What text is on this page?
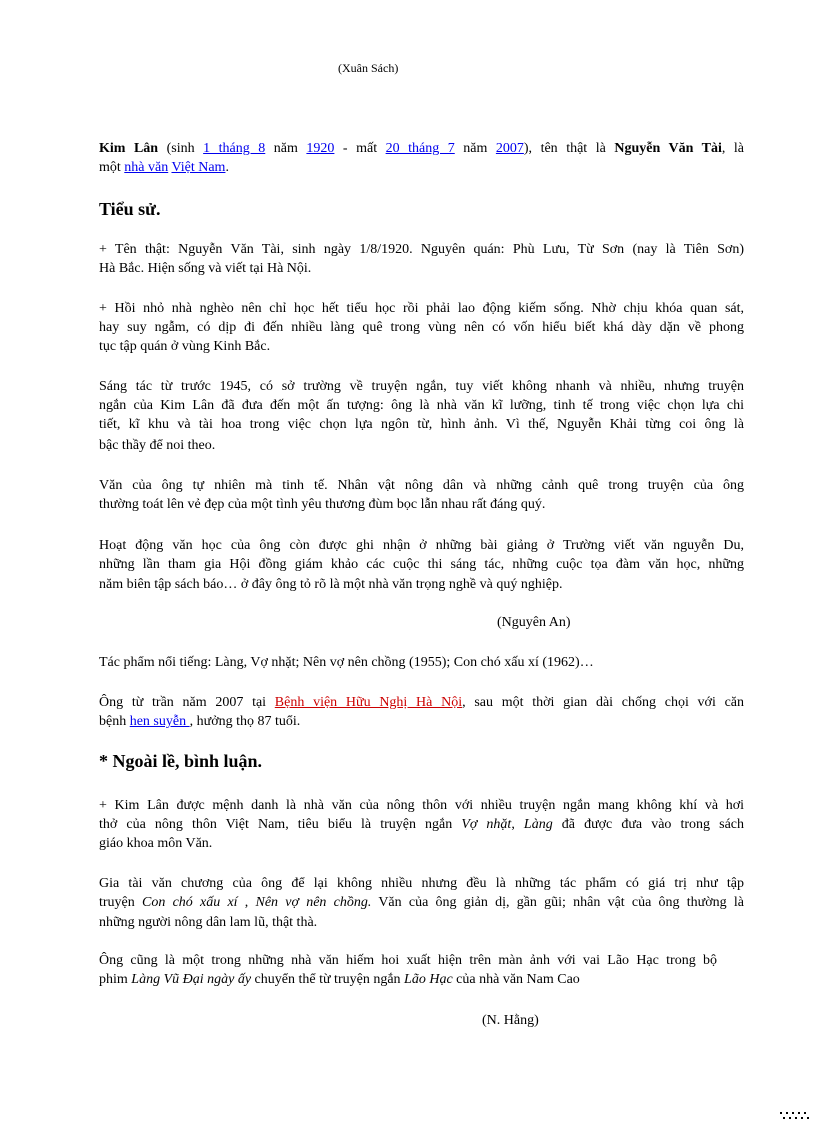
(Xuân Sách)
Kim Lân (sinh 1 tháng 8 năm 1920 - mất 20 tháng 7 năm 2007), tên thật là Nguyễn Văn Tài, là
một nhà văn Việt Nam.
Tiểu sử.
+ Tên thật: Nguyễn Văn Tài, sinh ngày 1/8/1920. Nguyên quán: Phù Lưu, Từ Sơn (nay là Tiên Sơn)
Hà Bắc. Hiện sống và viết tại Hà Nội.
+ Hồi nhỏ nhà nghèo nên chỉ học hết tiểu học rồi phải lao động kiếm sống. Nhờ chịu khóa quan sát,
hay suy ngẫm, có dịp đi đến nhiều làng quê trong vùng nên có vốn hiểu biết khá dày dặn về phong
tục tập quán ở vùng Kinh Bắc.
Sáng tác từ trước 1945, có sở trường về truyện ngắn, tuy viết không nhanh và nhiều, nhưng truyện
ngắn của Kim Lân đã đưa đến một ấn tượng: ông là nhà văn kĩ lưỡng, tinh tế trong việc chọn lựa chi
tiết, kĩ khu và tài hoa trong việc chọn lựa ngôn từ, hình ảnh. Vì thế, Nguyễn Khải từng coi ông là
bậc thầy để noi theo.
Văn của ông tự nhiên mà tinh tế. Nhân vật nông dân và những cảnh quê trong truyện của ông
thường toát lên vẻ đẹp của một tình yêu thương đùm bọc lẫn nhau rất đáng quý.
Hoạt động văn học của ông còn được ghi nhận ở những bài giảng ở Trường viết văn nguyễn Du,
những lần tham gia Hội đồng giám khảo các cuộc thi sáng tác, những cuộc tọa đàm văn học, những
năm biên tập sách báo… ở đây ông tỏ rõ là một nhà văn trọng nghề và quý nghiệp.
(Nguyên An)
Tác phẩm nổi tiếng: Làng, Vợ nhặt; Nên vợ nên chồng (1955); Con chó xấu xí (1962)…
Ông từ trần năm 2007 tại Bệnh viện Hữu Nghị Hà Nội, sau một thời gian dài chống chọi với căn
bệnh hen suyễn , hưởng thọ 87 tuổi.
* Ngoài lề, bình luận.
+ Kim Lân được mệnh danh là nhà văn của nông thôn với nhiều truyện ngắn mang không khí và hơi
thở của nông thôn Việt Nam, tiêu biểu là truyện ngắn Vợ nhặt, Làng đã được đưa vào trong sách
giáo khoa môn Văn.
Gia tài văn chương của ông để lại không nhiều nhưng đều là những tác phẩm có giá trị như tập
truyện Con chó xấu xí , Nên vợ nên chồng. Văn của ông giản dị, gần gũi; nhân vật của ông thường là
những người nông dân lam lũ, thật thà.
Ông cũng là một trong những nhà văn hiếm hoi xuất hiện trên màn ảnh với vai Lão Hạc trong bộ
phim Làng Vũ Đại ngày ấy chuyển thể từ truyện ngắn Lão Hạc của nhà văn Nam Cao
(N. Hằng)
